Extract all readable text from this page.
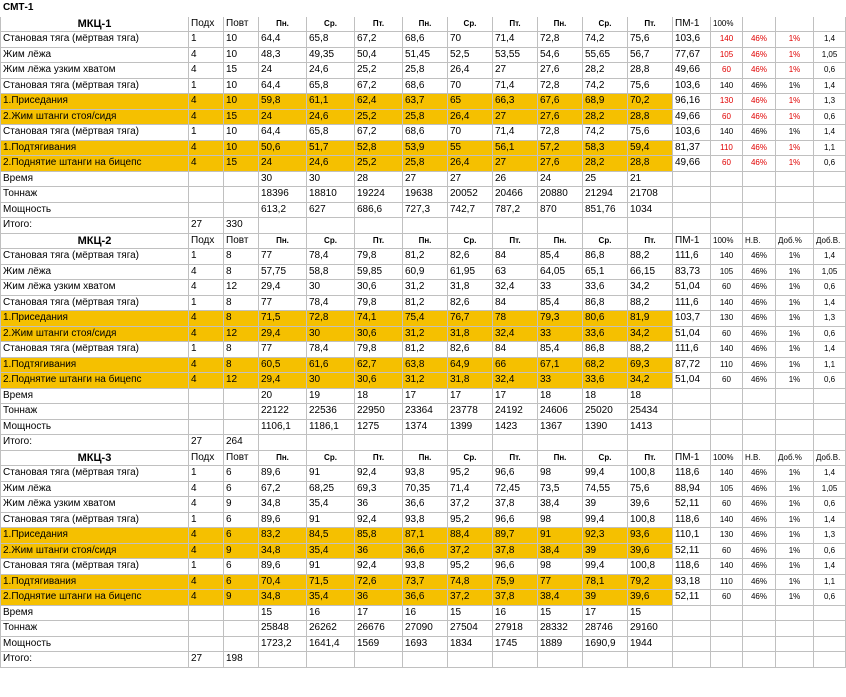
СМТ-1																
МКЦ-1	Подх	Повт	Пн.	Ср.	Пт.	Пн.	Ср.	Пт.	Пн.	Ср.	Пт.	ПМ-1	100%			
Становая тяга (мёртвая тяга)	1	10	64,4	65,8	67,2	68,6	70	71,4	72,8	74,2	75,6	103,6	140	46%	1%	1,4
Жим лёжа	4	10	48,3	49,35	50,4	51,45	52,5	53,55	54,6	55,65	56,7	77,67	105	46%	1%	1,05
Жим лёжа узким хватом	4	15	24	24,6	25,2	25,8	26,4	27	27,6	28,2	28,8	49,66	60	46%	1%	0,6
Становая тяга (мёртвая тяга)	1	10	64,4	65,8	67,2	68,6	70	71,4	72,8	74,2	75,6	103,6	140	46%	1%	1,4
1.Приседания	4	10	59,8	61,1	62,4	63,7	65	66,3	67,6	68,9	70,2	96,16	130	46%	1%	1,3
2.Жим штанги стоя/сидя	4	15	24	24,6	25,2	25,8	26,4	27	27,6	28,2	28,8	49,66	60	46%	1%	0,6
Становая тяга (мёртвая тяга)	1	10	64,4	65,8	67,2	68,6	70	71,4	72,8	74,2	75,6	103,6	140	46%	1%	1,4
1.Подтягивания	4	10	50,6	51,7	52,8	53,9	55	56,1	57,2	58,3	59,4	81,37	110	46%	1%	1,1
2.Поднятие штанги на бицепс	4	15	24	24,6	25,2	25,8	26,4	27	27,6	28,2	28,8	49,66	60	46%	1%	0,6
Время			30	30	28	27	27	26	24	25	21					
Тоннаж			18396	18810	19224	19638	20052	20466	20880	21294	21708					
Мощность			613,2	627	686,6	727,3	742,7	787,2	870	851,76	1034					
Итого:	27	330														
МКЦ-2	Подх	Повт	Пн.	Ср.	Пт.	Пн.	Ср.	Пт.	Пн.	Ср.	Пт.	ПМ-1	100%	Н.В.	Доб.%	Доб.В.
Становая тяга (мёртвая тяга)	1	8	77	78,4	79,8	81,2	82,6	84	85,4	86,8	88,2	111,6	140	46%	1%	1,4
Жим лёжа	4	8	57,75	58,8	59,85	60,9	61,95	63	64,05	65,1	66,15	83,73	105	46%	1%	1,05
Жим лёжа узким хватом	4	12	29,4	30	30,6	31,2	31,8	32,4	33	33,6	34,2	51,04	60	46%	1%	0,6
Становая тяга (мёртвая тяга)	1	8	77	78,4	79,8	81,2	82,6	84	85,4	86,8	88,2	111,6	140	46%	1%	1,4
1.Приседания	4	8	71,5	72,8	74,1	75,4	76,7	78	79,3	80,6	81,9	103,7	130	46%	1%	1,3
2.Жим штанги стоя/сидя	4	12	29,4	30	30,6	31,2	31,8	32,4	33	33,6	34,2	51,04	60	46%	1%	0,6
Становая тяга (мёртвая тяга)	1	8	77	78,4	79,8	81,2	82,6	84	85,4	86,8	88,2	111,6	140	46%	1%	1,4
1.Подтягивания	4	8	60,5	61,6	62,7	63,8	64,9	66	67,1	68,2	69,3	87,72	110	46%	1%	1,1
2.Поднятие штанги на бицепс	4	12	29,4	30	30,6	31,2	31,8	32,4	33	33,6	34,2	51,04	60	46%	1%	0,6
Время			20	19	18	17	17	17	18	18	18					
Тоннаж			22122	22536	22950	23364	23778	24192	24606	25020	25434					
Мощность			1106,1	1186,1	1275	1374	1399	1423	1367	1390	1413					
Итого:	27	264														
МКЦ-3	Подх	Повт	Пн.	Ср.	Пт.	Пн.	Ср.	Пт.	Пн.	Ср.	Пт.	ПМ-1	100%	Н.В.	Доб.%	Доб.В.
Становая тяга (мёртвая тяга)	1	6	89,6	91	92,4	93,8	95,2	96,6	98	99,4	100,8	118,6	140	46%	1%	1,4
Жим лёжа	4	6	67,2	68,25	69,3	70,35	71,4	72,45	73,5	74,55	75,6	88,94	105	46%	1%	1,05
Жим лёжа узким хватом	4	9	34,8	35,4	36	36,6	37,2	37,8	38,4	39	39,6	52,11	60	46%	1%	0,6
Становая тяга (мёртвая тяга)	1	6	89,6	91	92,4	93,8	95,2	96,6	98	99,4	100,8	118,6	140	46%	1%	1,4
1.Приседания	4	6	83,2	84,5	85,8	87,1	88,4	89,7	91	92,3	93,6	110,1	130	46%	1%	1,3
2.Жим штанги стоя/сидя	4	9	34,8	35,4	36	36,6	37,2	37,8	38,4	39	39,6	52,11	60	46%	1%	0,6
Становая тяга (мёртвая тяга)	1	6	89,6	91	92,4	93,8	95,2	96,6	98	99,4	100,8	118,6	140	46%	1%	1,4
1.Подтягивания	4	6	70,4	71,5	72,6	73,7	74,8	75,9	77	78,1	79,2	93,18	110	46%	1%	1,1
2.Поднятие штанги на бицепс	4	9	34,8	35,4	36	36,6	37,2	37,8	38,4	39	39,6	52,11	60	46%	1%	0,6
Время			15	16	17	16	15	16	15	17	15					
Тоннаж			25848	26262	26676	27090	27504	27918	28332	28746	29160					
Мощность			1723,2	1641,4	1569	1693	1834	1745	1889	1690,9	1944					
Итого:	27	198														
